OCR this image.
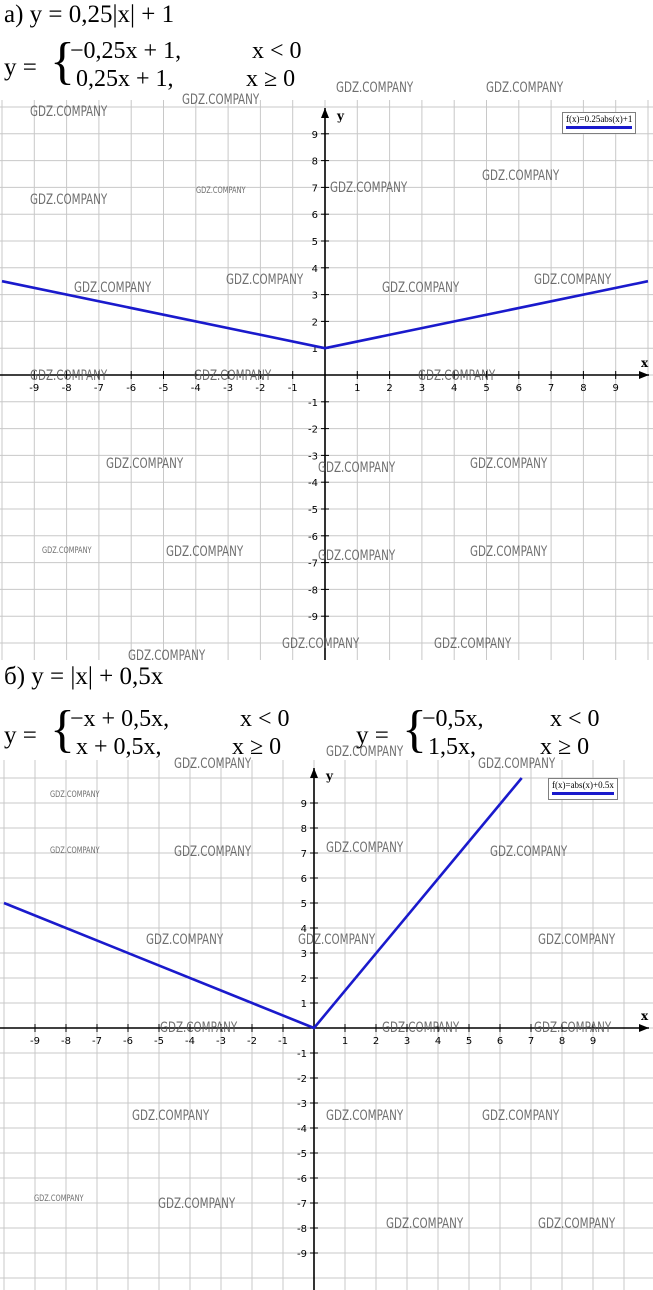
а) y = 0,25|x| + 1
y = {
−0,25x + 1,	x < 0
0,25x + 1,	x ≥ 0
x
y
-9 -8 -7 -6 -5 -4 -3 -2 -1	1	2	3	4	5	6	7	8	9
-9
-8
-7
-6
-5
-4
-3
-2
-1
1
2
3
4
5
6
7
8
9
f(x)=0.25abs(x)+1
б) y = |x| + 0,5x
y = {
−x + 0,5x,	x < 0
x + 0,5x,	x ≥ 0	y = {
−0,5x,	x < 0
1,5x,	x ≥ 0
x
y
-9 -8 -7 -6 -5 -4 -3 -2 -1	1 2 3 4 5 6 7 8 9
-9
-8
-7
-6
-5
-4
-3
-2
-1
1
2
3
4
5
6
7
8
9
f(x)=abs(x)+0.5x
GDZ.COMPANY	GDZ.COMPANY
GDZ.COMPANY
GDZ.COMPANY
GDZ.COMPANY
GDZ.COMPANY	GDZ.COMPANY
GDZ.COMPANY
GDZ.COMPANY
GDZ.COMPANY	GDZ.COMPANY	GDZ.COMPANY
GDZ.COMPANY	GDZ.COMPANY	GDZ.COMPANY
GDZ.COMPANY	GDZ.COMPANY	GDZ.COMPANY
GDZ.COMPANY	GDZ.COMPANY	GDZ.COMPANY	GDZ.COMPANY
GDZ.COMPANY	GDZ.COMPANY
GDZ.COMPANY
GDZ.COMPANY
GDZ.COMPANY	GDZ.COMPANY
GDZ.COMPANY
GDZ.COMPANY	GDZ.COMPANY	GDZ.COMPANY	GDZ.COMPANY
GDZ.COMPANY	GDZ.COMPANY	GDZ.COMPANY
GDZ.COMPANY	GDZ.COMPANY	GDZ.COMPANY
GDZ.COMPANY	GDZ.COMPANY	GDZ.COMPANY
GDZ.COMPANY	GDZ.COMPANY
GDZ.COMPANY	GDZ.COMPANY
